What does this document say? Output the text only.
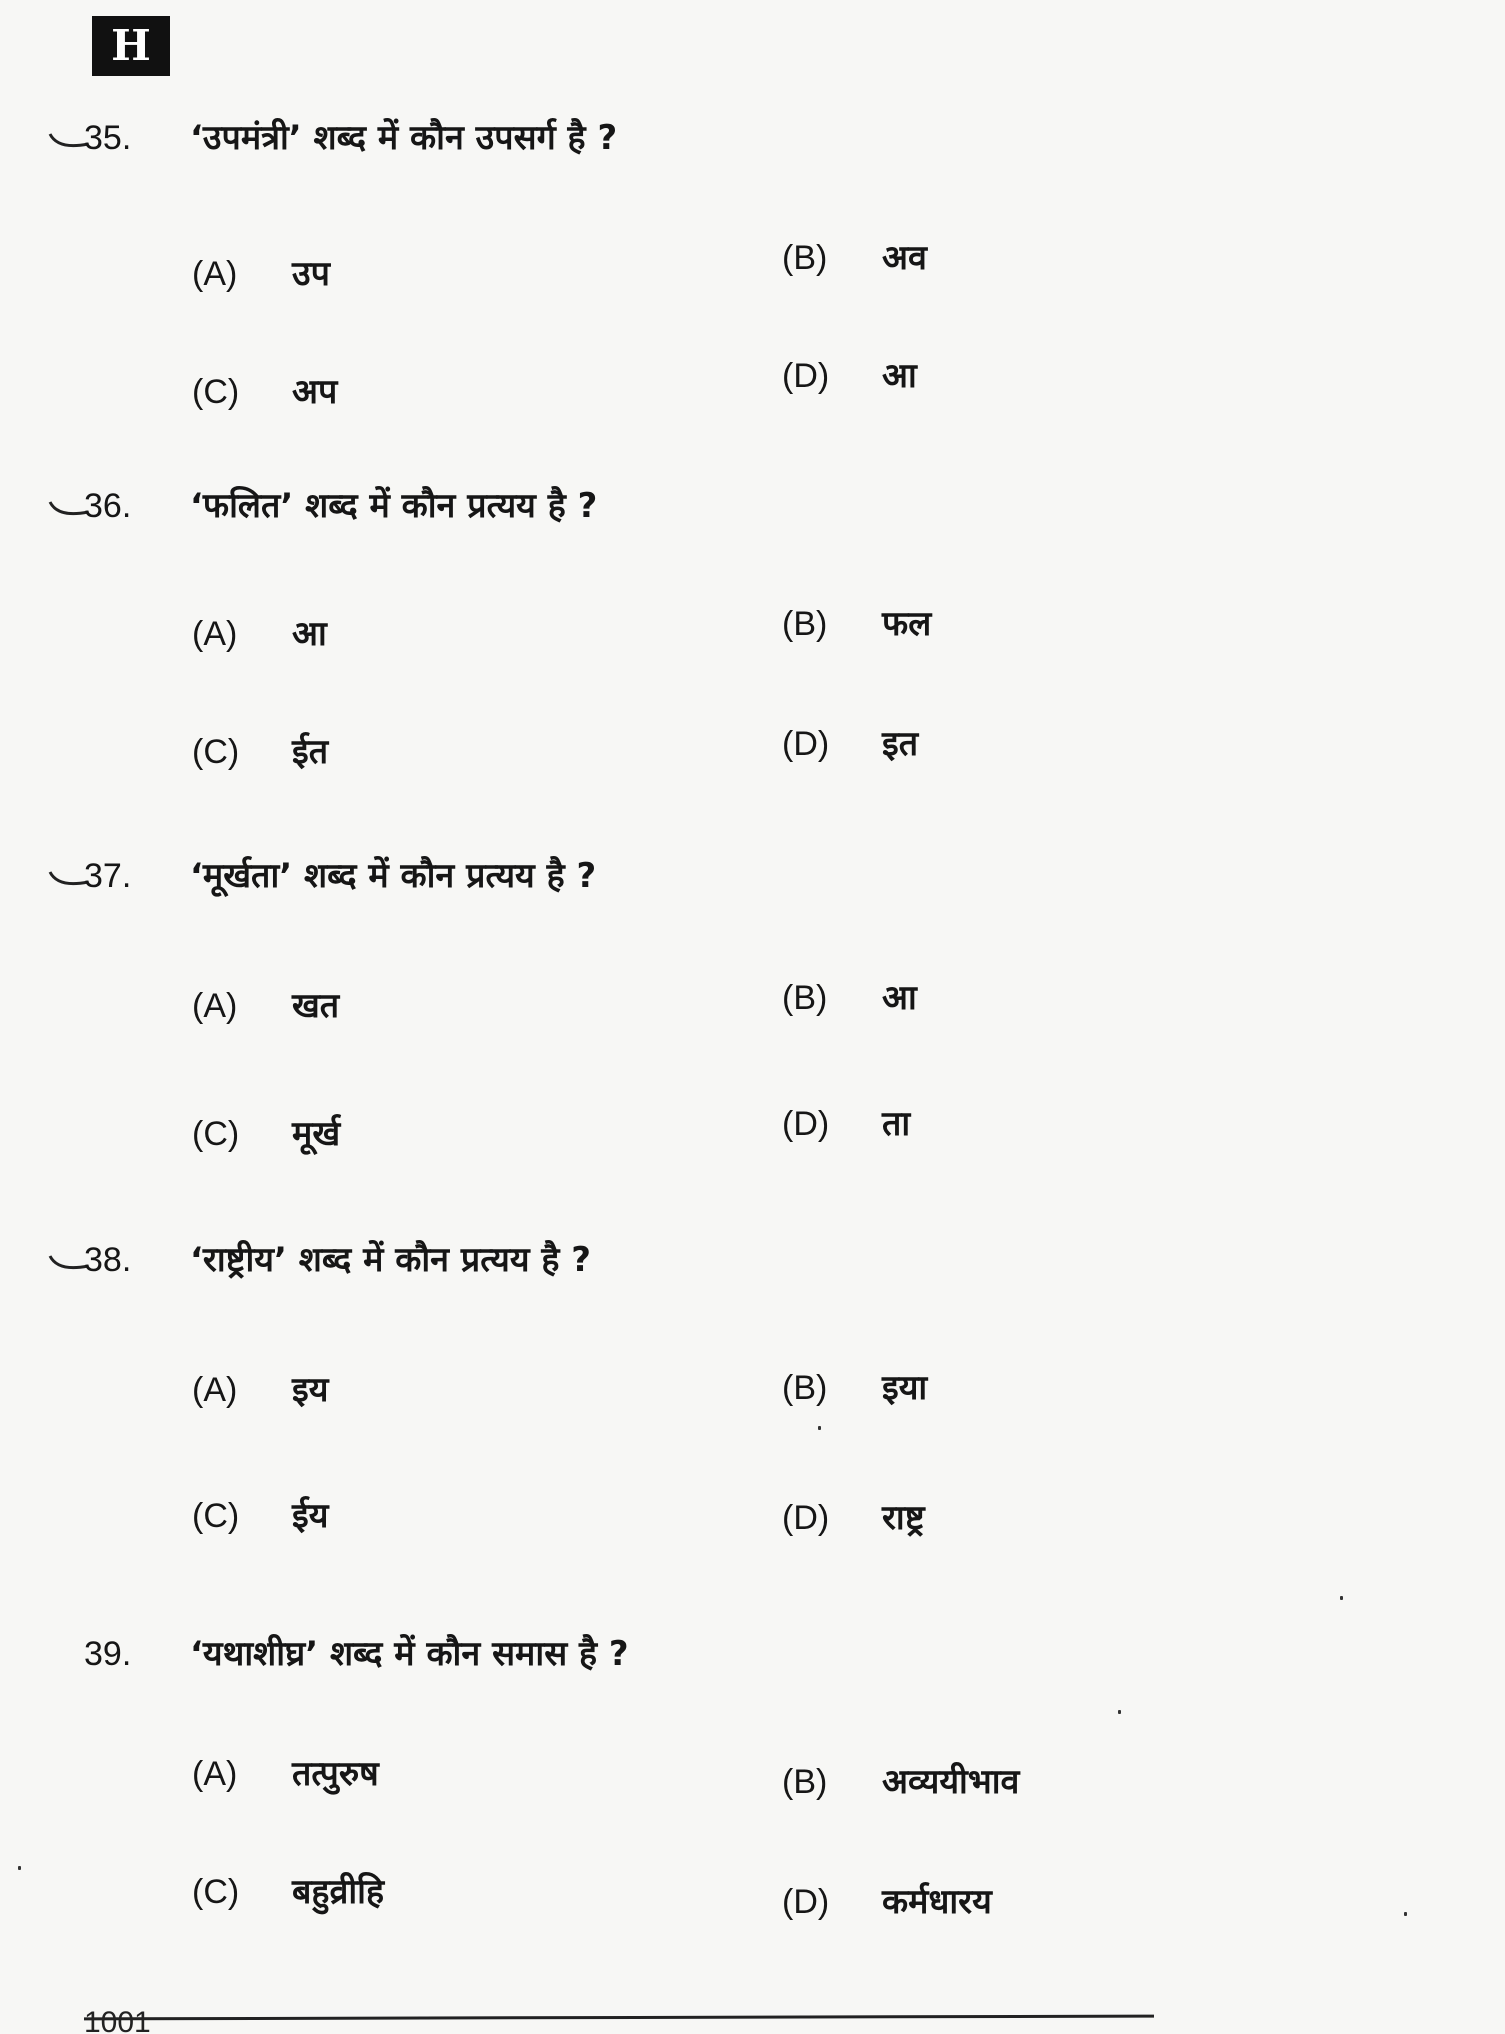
H
35. ‘उपमंत्री’ शब्द में कौन उपसर्ग है ?
(A) उप	(B) अव
(C) अप	(D) आ
36. ‘फलित’ शब्द में कौन प्रत्यय है ?
(A) आ	(B) फल
(C) ईत	(D) इत
37. ‘मूर्खता’ शब्द में कौन प्रत्यय है ?
(A) खत	(B) आ
(C) मूर्ख	(D) ता
38. ‘राष्ट्रीय’ शब्द में कौन प्रत्यय है ?
(A) इय	(B) इया
(C) ईय	(D) राष्ट्र
39. ‘यथाशीघ्र’ शब्द में कौन समास है ?
(A) तत्पुरुष	(B) अव्ययीभाव
(C) बहुव्रीहि	(D) कर्मधारय
1001
